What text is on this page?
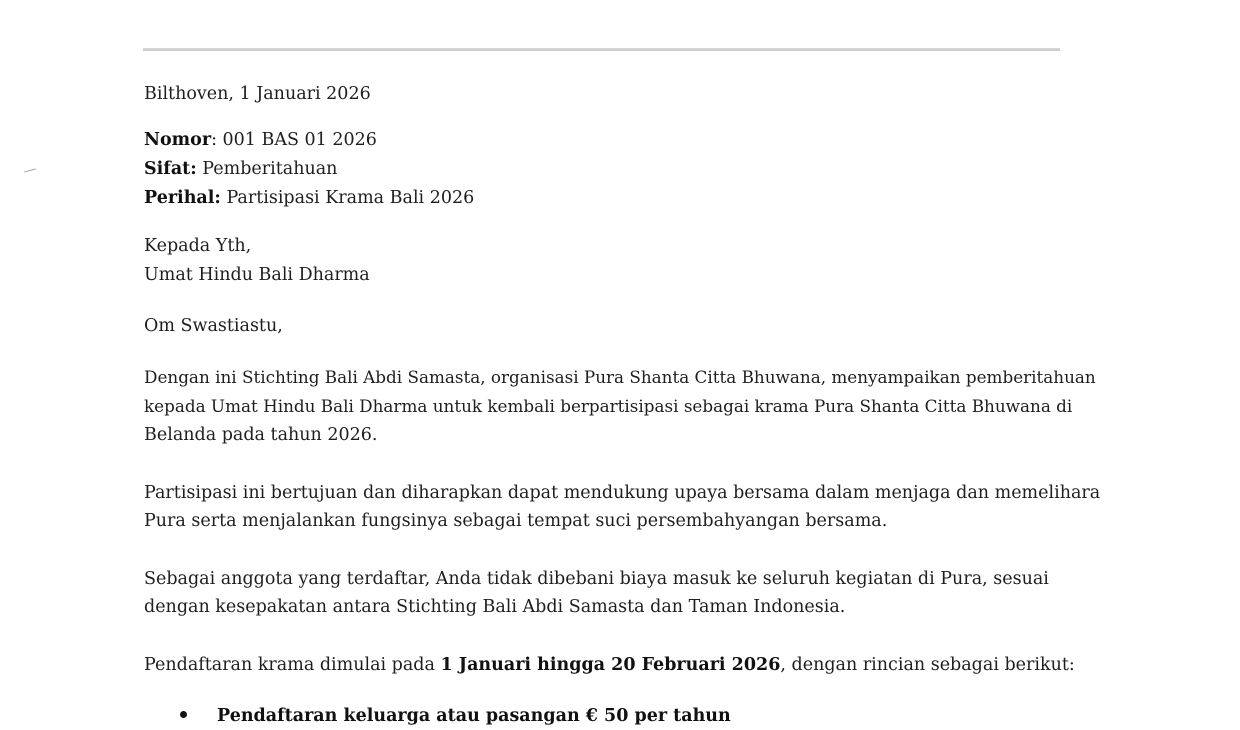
Bilthoven, 1 Januari 2026
Nomor: 001 BAS 01 2026
Sifat: Pemberitahuan
Perihal: Partisipasi Krama Bali 2026
Kepada Yth,
Umat Hindu Bali Dharma
Om Swastiastu,
Dengan ini Stichting Bali Abdi Samasta, organisasi Pura Shanta Citta Bhuwana, menyampaikan pemberitahuan
kepada Umat Hindu Bali Dharma untuk kembali berpartisipasi sebagai krama Pura Shanta Citta Bhuwana di
Belanda pada tahun 2026.
Partisipasi ini bertujuan dan diharapkan dapat mendukung upaya bersama dalam menjaga dan memelihara
Pura serta menjalankan fungsinya sebagai tempat suci persembahyangan bersama.
Sebagai anggota yang terdaftar, Anda tidak dibebani biaya masuk ke seluruh kegiatan di Pura, sesuai
dengan kesepakatan antara Stichting Bali Abdi Samasta dan Taman Indonesia.
Pendaftaran krama dimulai pada 1 Januari hingga 20 Februari 2026, dengan rincian sebagai berikut:
Pendaftaran keluarga atau pasangan € 50 per tahun
